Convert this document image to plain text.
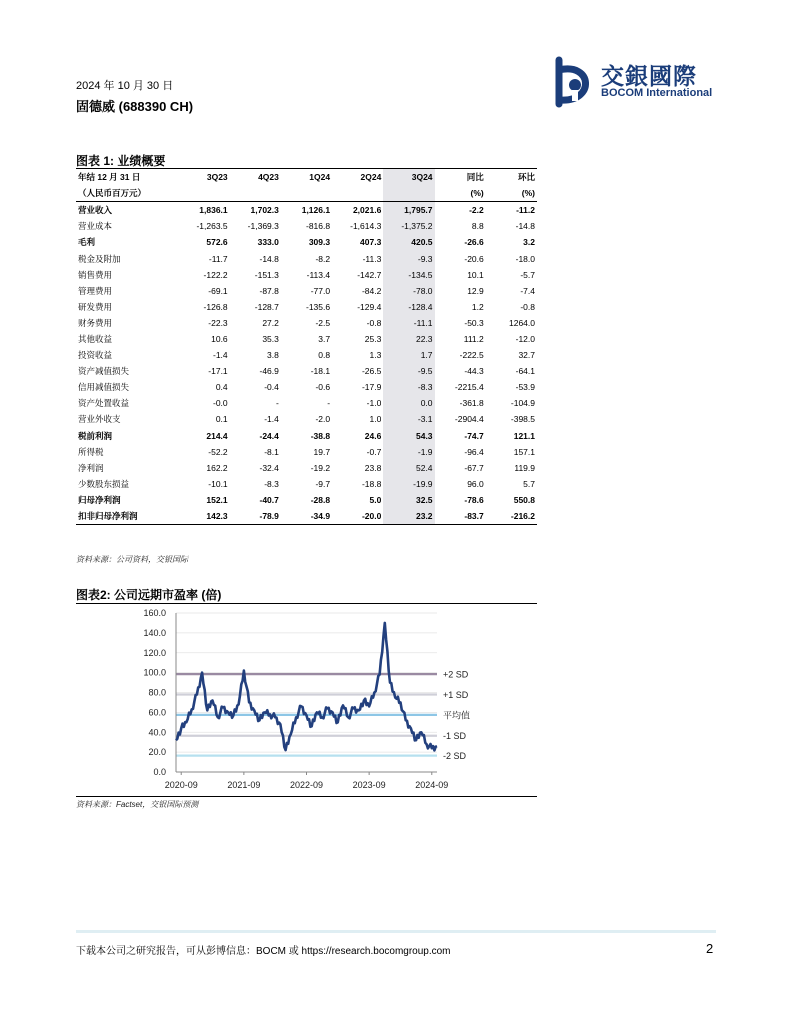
2024 年 10 月 30 日
固德威 (688390 CH)
交銀國際
BOCOM International
图表 1: 业绩概要
年结 12 月 31 日	3Q23	4Q23	1Q24	2Q24	3Q24	同比	环比
（人民币百万元）						(%)	(%)
营业收入	1,836.1	1,702.3	1,126.1	2,021.6	1,795.7	-2.2	-11.2
营业成本	-1,263.5	-1,369.3	-816.8	-1,614.3	-1,375.2	8.8	-14.8
毛利	572.6	333.0	309.3	407.3	420.5	-26.6	3.2
税金及附加	-11.7	-14.8	-8.2	-11.3	-9.3	-20.6	-18.0
销售费用	-122.2	-151.3	-113.4	-142.7	-134.5	10.1	-5.7
管理费用	-69.1	-87.8	-77.0	-84.2	-78.0	12.9	-7.4
研发费用	-126.8	-128.7	-135.6	-129.4	-128.4	1.2	-0.8
财务费用	-22.3	27.2	-2.5	-0.8	-11.1	-50.3	1264.0
其他收益	10.6	35.3	3.7	25.3	22.3	111.2	-12.0
投资收益	-1.4	3.8	0.8	1.3	1.7	-222.5	32.7
资产减值损失	-17.1	-46.9	-18.1	-26.5	-9.5	-44.3	-64.1
信用减值损失	0.4	-0.4	-0.6	-17.9	-8.3	-2215.4	-53.9
资产处置收益	-0.0	-	-	-1.0	0.0	-361.8	-104.9
营业外收支	0.1	-1.4	-2.0	1.0	-3.1	-2904.4	-398.5
税前利润	214.4	-24.4	-38.8	24.6	54.3	-74.7	121.1
所得税	-52.2	-8.1	19.7	-0.7	-1.9	-96.4	157.1
净利润	162.2	-32.4	-19.2	23.8	52.4	-67.7	119.9
少数股东损益	-10.1	-8.3	-9.7	-18.8	-19.9	96.0	5.7
归母净利润	152.1	-40.7	-28.8	5.0	32.5	-78.6	550.8
扣非归母净利润	142.3	-78.9	-34.9	-20.0	23.2	-83.7	-216.2
资料来源：公司资料，交银国际
图表2: 公司远期市盈率 (倍)
0.0
20.0
40.0
60.0
80.0
100.0
120.0
140.0
160.0
+2 SD
+1 SD
平均值
-1 SD
-2 SD
2020-09	2021-09	2022-09	2023-09	2024-09
资料来源：Factset，交银国际预测
下载本公司之研究报告，可从彭博信息：BOCM 或 https://research.bocomgroup.com	2
